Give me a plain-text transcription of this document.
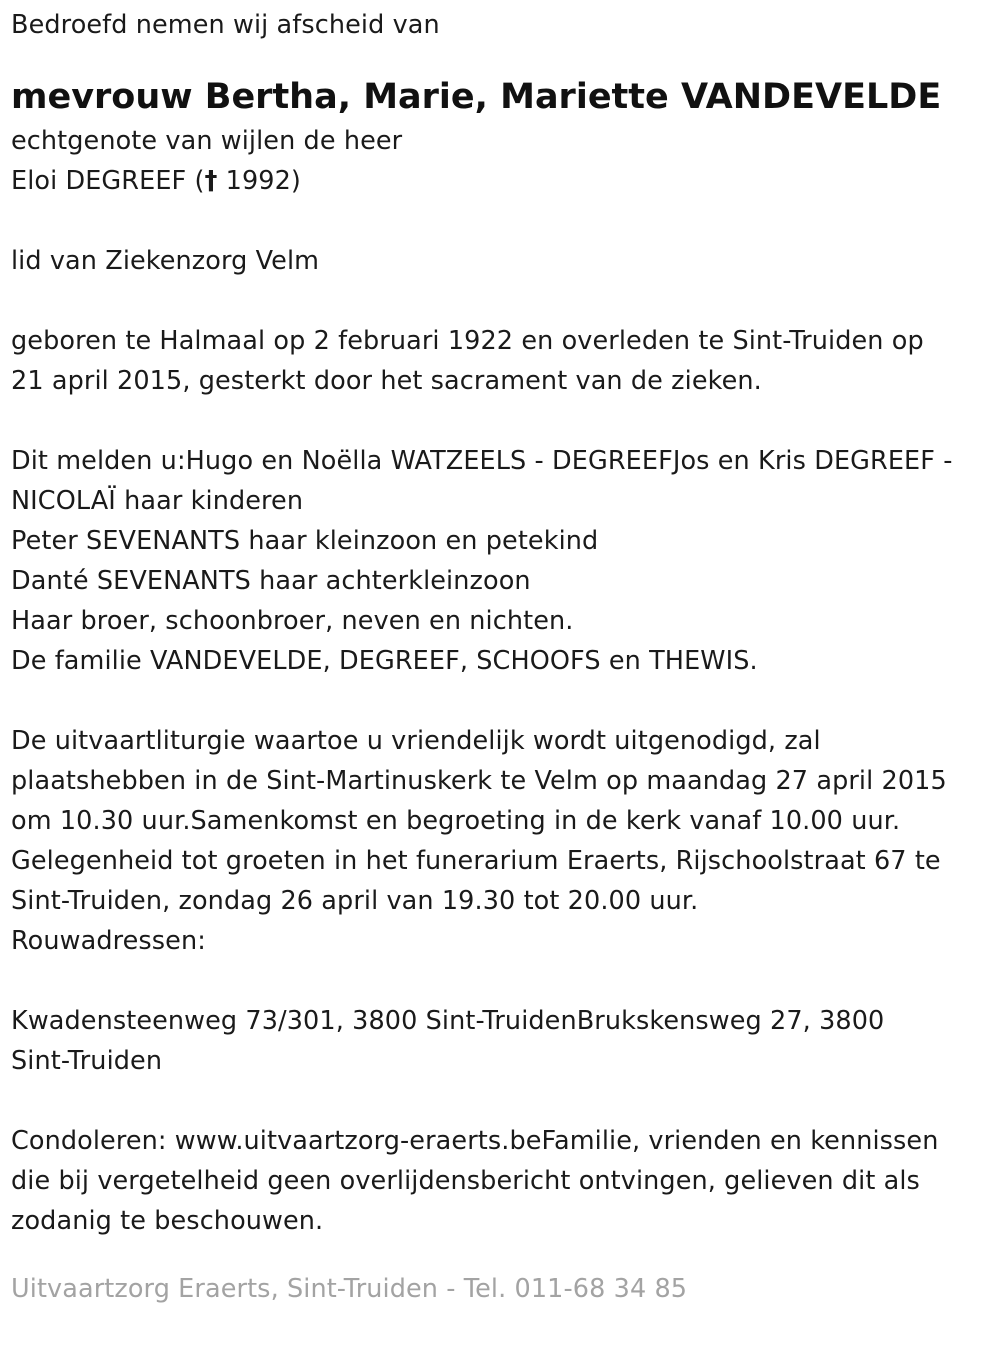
Bedroefd nemen wij afscheid van
mevrouw Bertha, Marie, Mariette VANDEVELDE
echtgenote van wijlen de heer
Eloi DEGREEF († 1992)
lid van Ziekenzorg Velm
geboren te Halmaal op 2 februari 1922 en overleden te Sint-Truiden op
21 april 2015, gesterkt door het sacrament van de zieken.
Dit melden u:Hugo en Noëlla WATZEELS - DEGREEFJos en Kris DEGREEF -
NICOLAÏ haar kinderen
Peter SEVENANTS haar kleinzoon en petekind
Danté SEVENANTS haar achterkleinzoon
Haar broer, schoonbroer, neven en nichten.
De familie VANDEVELDE, DEGREEF, SCHOOFS en THEWIS.
De uitvaartliturgie waartoe u vriendelijk wordt uitgenodigd, zal
plaatshebben in de Sint-Martinuskerk te Velm op maandag 27 april 2015
om 10.30 uur.Samenkomst en begroeting in de kerk vanaf 10.00 uur.
Gelegenheid tot groeten in het funerarium Eraerts, Rijschoolstraat 67 te
Sint-Truiden, zondag 26 april van 19.30 tot 20.00 uur.
Rouwadressen:
Kwadensteenweg 73/301, 3800 Sint-TruidenBrukskensweg 27, 3800
Sint-Truiden
Condoleren: www.uitvaartzorg-eraerts.beFamilie, vrienden en kennissen
die bij vergetelheid geen overlijdensbericht ontvingen, gelieven dit als
zodanig te beschouwen.
Uitvaartzorg Eraerts, Sint-Truiden - Tel. 011-68 34 85
